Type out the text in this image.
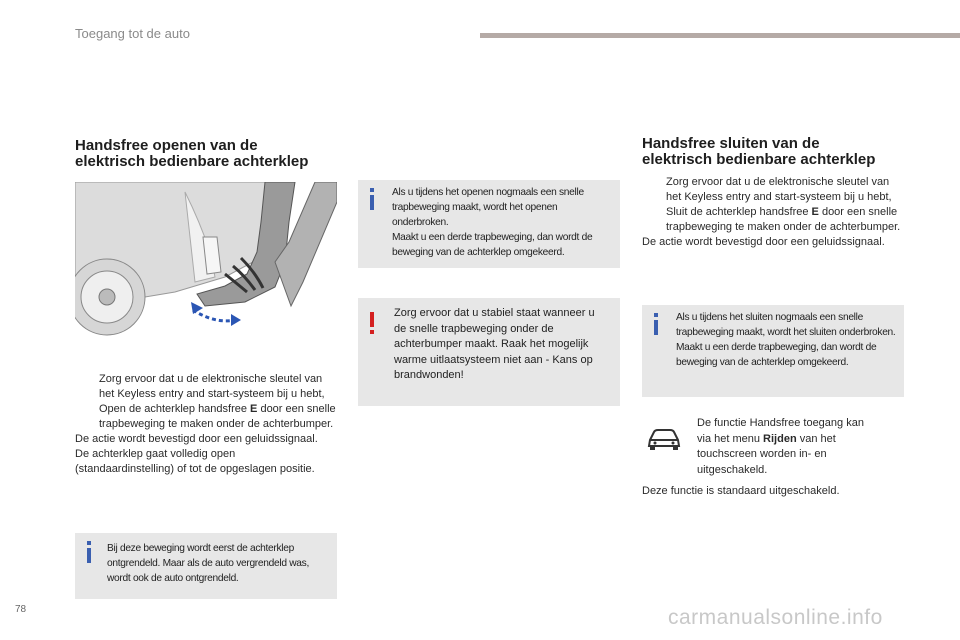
Toegang tot de auto
Handsfree openen van de
elektrisch bedienbare achterklep
Zorg ervoor dat u de elektronische sleutel van het Keyless entry and start-systeem bij u hebt,
Open de achterklep handsfree E door een snelle trapbeweging te maken onder de achterbumper.
De actie wordt bevestigd door een geluidssignaal.
De achterklep gaat volledig open (standaardinstelling) of tot de opgeslagen positie.
Bij deze beweging wordt eerst de achterklep ontgrendeld. Maar als de auto vergrendeld was, wordt ook de auto ontgrendeld.
Als u tijdens het openen nogmaals een snelle trapbeweging maakt, wordt het openen onderbroken.
Maakt u een derde trapbeweging, dan wordt de beweging van de achterklep omgekeerd.
Zorg ervoor dat u stabiel staat wanneer u de snelle trapbeweging onder de achterbumper maakt. Raak het mogelijk warme uitlaatsysteem niet aan - Kans op brandwonden!
Handsfree sluiten van de
elektrisch bedienbare achterklep
Zorg ervoor dat u de elektronische sleutel van het Keyless entry and start-systeem bij u hebt,
Sluit de achterklep handsfree E door een snelle trapbeweging te maken onder de achterbumper.
De actie wordt bevestigd door een geluidssignaal.
Als u tijdens het sluiten nogmaals een snelle trapbeweging maakt, wordt het sluiten onderbroken.
Maakt u een derde trapbeweging, dan wordt de beweging van de achterklep omgekeerd.
De functie Handsfree toegang kan via het menu Rijden van het touchscreen worden in- en uitgeschakeld.
Deze functie is standaard uitgeschakeld.
78	carmanualsonline.info
